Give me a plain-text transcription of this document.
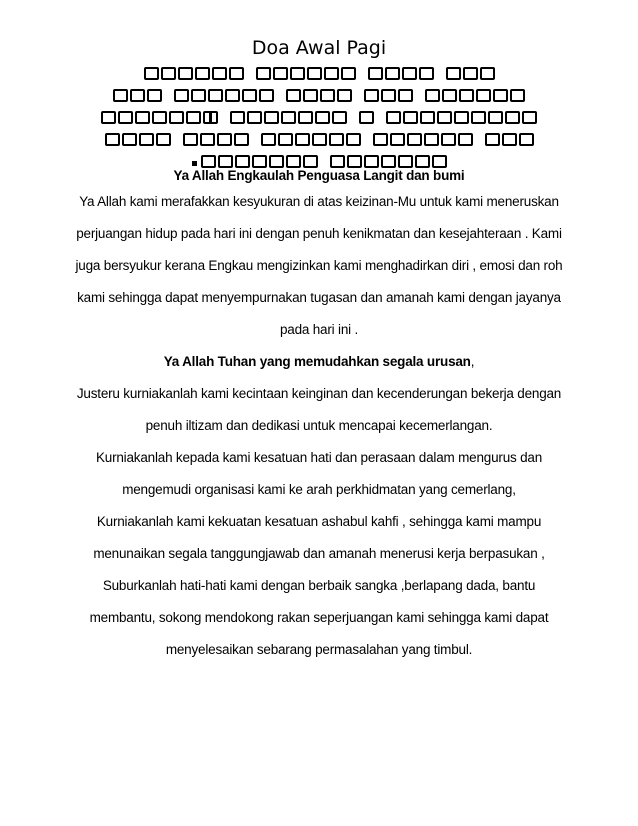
Doa Awal Pagi
Ya Allah Engkaulah Penguasa Langit dan bumi
Ya Allah kami merafakkan kesyukuran di atas keizinan-Mu untuk kami meneruskan
perjuangan hidup pada hari ini dengan penuh kenikmatan dan kesejahteraan . Kami
juga bersyukur kerana Engkau mengizinkan kami menghadirkan diri , emosi dan roh
kami sehingga dapat menyempurnakan tugasan dan amanah kami dengan jayanya
pada hari ini .
Ya Allah Tuhan yang memudahkan segala urusan,
Justeru kurniakanlah kami kecintaan keinginan dan kecenderungan bekerja dengan
penuh iltizam dan dedikasi untuk mencapai kecemerlangan.
Kurniakanlah kepada kami kesatuan hati dan perasaan dalam mengurus dan
mengemudi organisasi kami ke arah perkhidmatan yang cemerlang,
Kurniakanlah kami kekuatan kesatuan ashabul kahfi , sehingga kami mampu
menunaikan segala tanggungjawab dan amanah menerusi kerja berpasukan ,
Suburkanlah hati-hati kami dengan berbaik sangka ,berlapang dada, bantu
membantu, sokong mendokong rakan seperjuangan kami sehingga kami dapat
menyelesaikan sebarang permasalahan yang timbul.
